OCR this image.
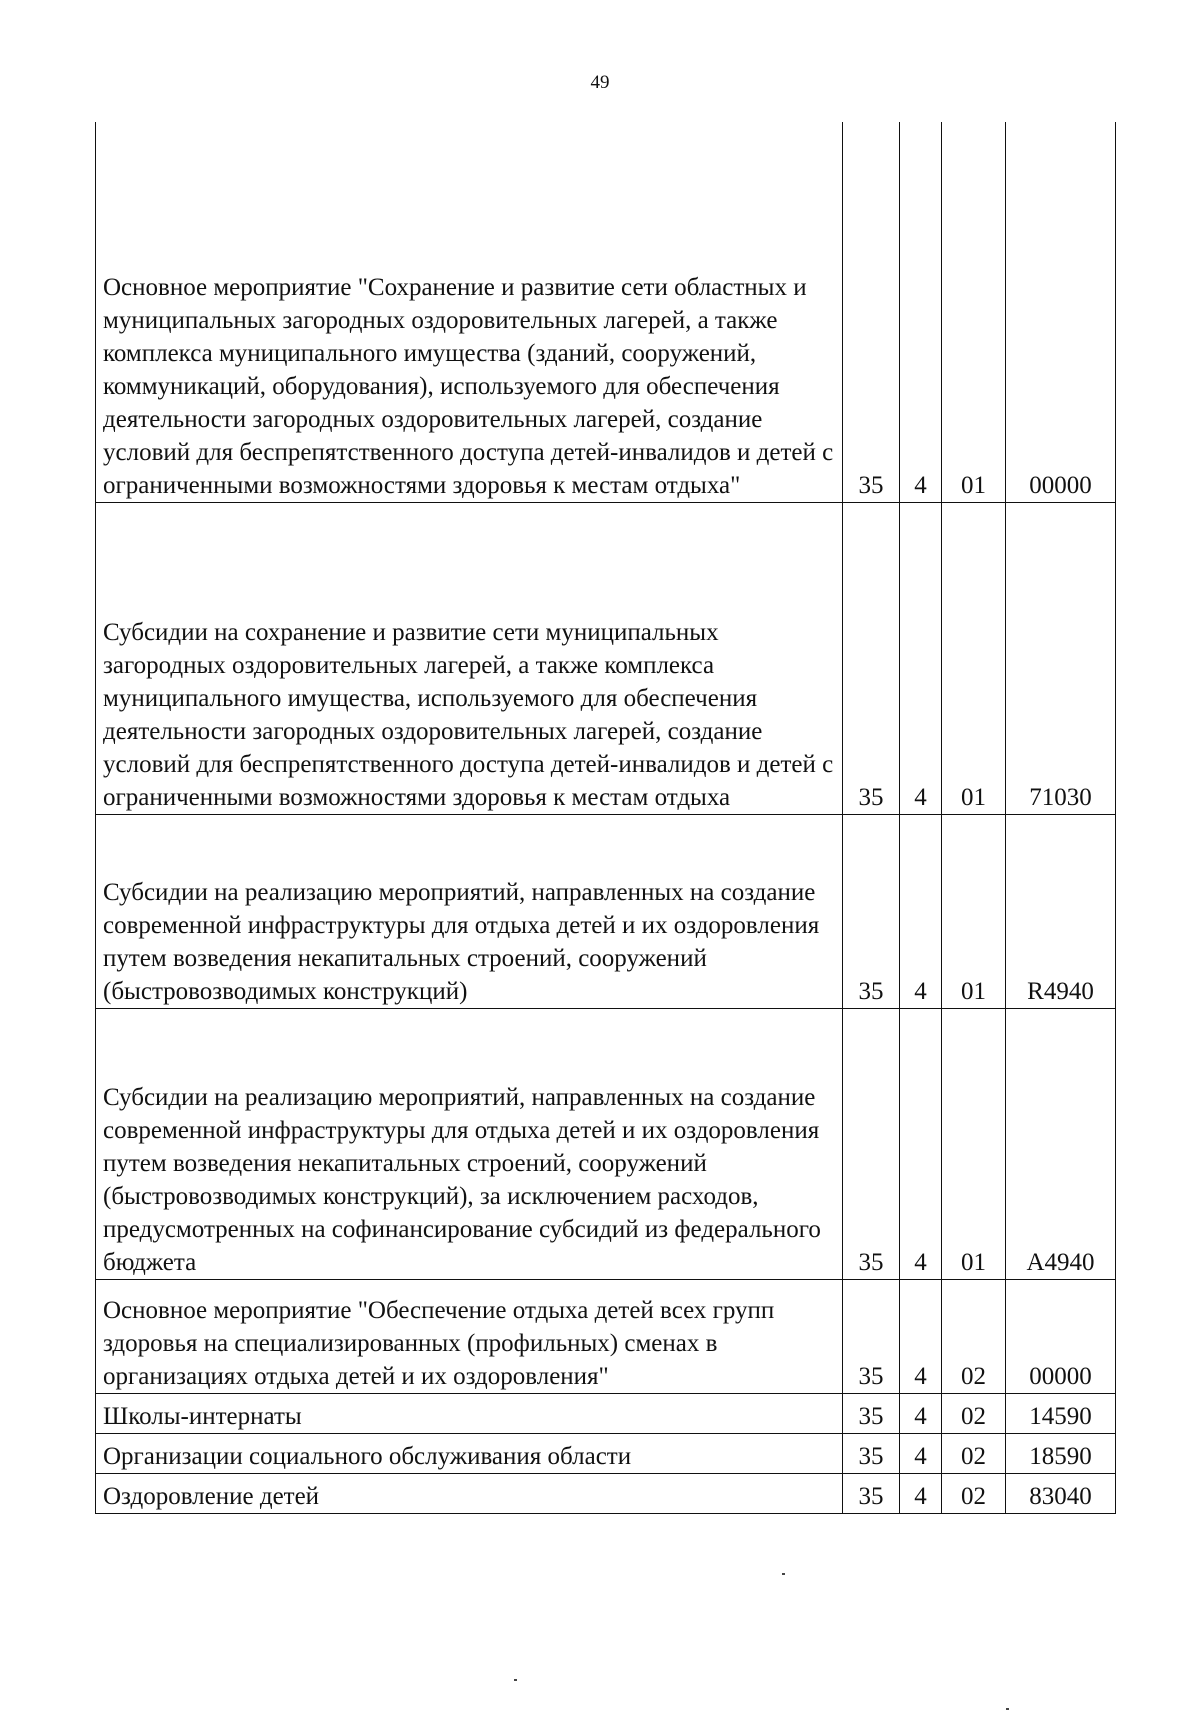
49
Основное мероприятие "Сохранение и развитие сети областных и муниципальных загородных оздоровительных лагерей, а также комплекса муниципального имущества (зданий, сооружений, коммуникаций, оборудования), используемого для обеспечения деятельности загородных оздоровительных лагерей, создание условий для беспрепятственного доступа детей-инвалидов и детей с ограниченными возможностями здоровья к местам отдыха"	35	4	01	00000
Субсидии на сохранение и развитие сети муниципальных загородных оздоровительных лагерей, а также комплекса муниципального имущества, используемого для обеспечения деятельности загородных оздоровительных лагерей, создание условий для беспрепятственного доступа детей-инвалидов и детей с ограниченными возможностями здоровья к местам отдыха	35	4	01	71030
Субсидии на реализацию мероприятий, направленных на создание современной инфраструктуры для отдыха детей и их оздоровления путем возведения некапитальных строений, сооружений (быстровозводимых конструкций)	35	4	01	R4940
Субсидии на реализацию мероприятий, направленных на создание современной инфраструктуры для отдыха детей и их оздоровления путем возведения некапитальных строений, сооружений (быстровозводимых конструкций), за исключением расходов, предусмотренных на софинансирование субсидий из федерального бюджета	35	4	01	A4940
Основное мероприятие "Обеспечение отдыха детей всех групп здоровья на специализированных (профильных) сменах в организациях отдыха детей и их оздоровления"	35	4	02	00000
Школы-интернаты	35	4	02	14590
Организации социального обслуживания области	35	4	02	18590
Оздоровление детей	35	4	02	83040
